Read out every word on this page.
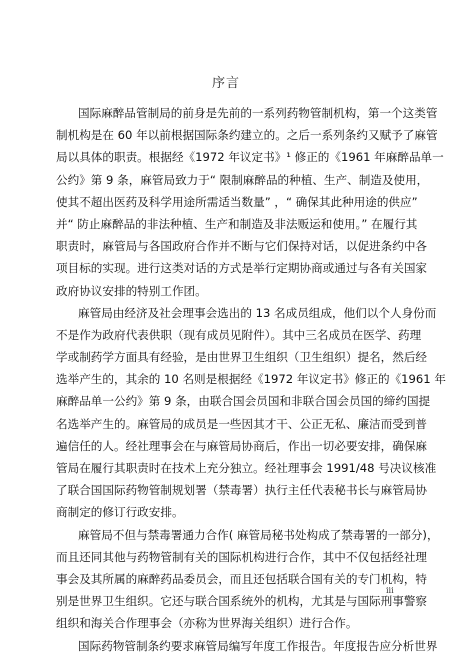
序言

国际麻醉品管制局的前身是先前的一系列药物管制机构，第一个这类管
制机构是在 60 年以前根据国际条约建立的。之后一系列条约又赋予了麻管
局以具体的职责。根据经《1972 年议定书》¹ 修正的《1961 年麻醉品单一
公约》第 9 条，麻管局致力于“ 限制麻醉品的种植、生产、制造及使用，
使其不超出医药及科学用途所需适当数量” ，“ 确保其此种用途的供应”
并“ 防止麻醉品的非法种植、生产和制造及非法贩运和使用。” 在履行其
职责时，麻管局与各国政府合作并不断与它们保持对话，以促进条约中各
项目标的实现。进行这类对话的方式是举行定期协商或通过与各有关国家
政府协议安排的特别工作团。

麻管局由经济及社会理事会选出的 13 名成员组成，他们以个人身份而
不是作为政府代表供职（现有成员见附件）。其中三名成员在医学、药理
学或制药学方面具有经验，是由世界卫生组织（卫生组织）提名，然后经
选举产生的，其余的 10 名则是根据经《1972 年议定书》修正的《1961 年
麻醉品单一公约》第 9 条，由联合国会员国和非联合国会员国的缔约国提
名选举产生的。麻管局的成员是一些因其才干、公正无私、廉洁而受到普
遍信任的人。经社理事会在与麻管局协商后，作出一切必要安排，确保麻
管局在履行其职责时在技术上充分独立。经社理事会 1991/48 号决议核准
了联合国国际药物管制规划署（禁毒署）执行主任代表秘书长与麻管局协
商制定的修订行政安排。

麻管局不但与禁毒署通力合作( 麻管局秘书处构成了禁毒署的一部分)，
而且还同其他与药物管制有关的国际机构进行合作，其中不仅包括经社理
事会及其所属的麻醉药品委员会，而且还包括联合国有关的专门机构，特
别是世界卫生组织。它还与联合国系统外的机构，尤其是与国际刑事警察
组织和海关合作理事会（亦称为世界海关组织）进行合作。

国际药物管制条约要求麻管局编写年度工作报告。年度报告应分析世界

iii
